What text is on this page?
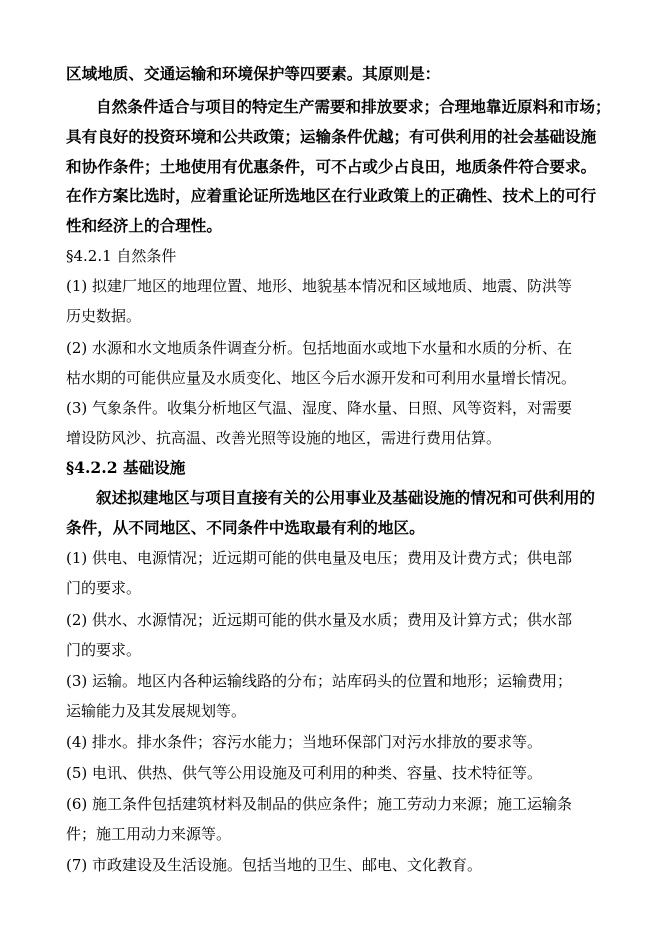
区域地质、交通运输和环境保护等四要素。其原则是：
自然条件适合与项目的特定生产需要和排放要求；合理地靠近原料和市场；
具有良好的投资环境和公共政策；运输条件优越；有可供利用的社会基础设施
和协作条件；土地使用有优惠条件，可不占或少占良田，地质条件符合要求。
在作方案比选时，应着重论证所选地区在行业政策上的正确性、技术上的可行
性和经济上的合理性。
§4.2.1 自然条件
(1) 拟建厂地区的地理位置、地形、地貌基本情况和区域地质、地震、防洪等
历史数据。
(2) 水源和水文地质条件调查分析。包括地面水或地下水量和水质的分析、在
枯水期的可能供应量及水质变化、地区今后水源开发和可利用水量增长情况。
(3) 气象条件。收集分析地区气温、湿度、降水量、日照、风等资料，对需要
增设防风沙、抗高温、改善光照等设施的地区，需进行费用估算。
§4.2.2 基础设施
叙述拟建地区与项目直接有关的公用事业及基础设施的情况和可供利用的
条件，从不同地区、不同条件中选取最有利的地区。
(1) 供电、电源情况；近远期可能的供电量及电压；费用及计费方式；供电部
门的要求。
(2) 供水、水源情况；近远期可能的供水量及水质；费用及计算方式；供水部
门的要求。
(3) 运输。地区内各种运输线路的分布；站库码头的位置和地形；运输费用；
运输能力及其发展规划等。
(4) 排水。排水条件；容污水能力；当地环保部门对污水排放的要求等。
(5) 电讯、供热、供气等公用设施及可利用的种类、容量、技术特征等。
(6) 施工条件包括建筑材料及制品的供应条件；施工劳动力来源；施工运输条
件；施工用动力来源等。
(7) 市政建设及生活设施。包括当地的卫生、邮电、文化教育。
